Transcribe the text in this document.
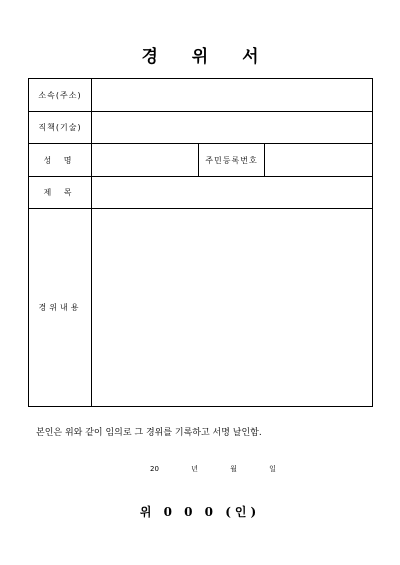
경 위 서
소속(주소)			
직책(기술)			
성 명		주민등록번호	
제 목			
경위내용			
본인은 위와 같이 임의로 그 경위를 기록하고 서명 날인함.
20	년	월	일
위 0 0 0 (인)
